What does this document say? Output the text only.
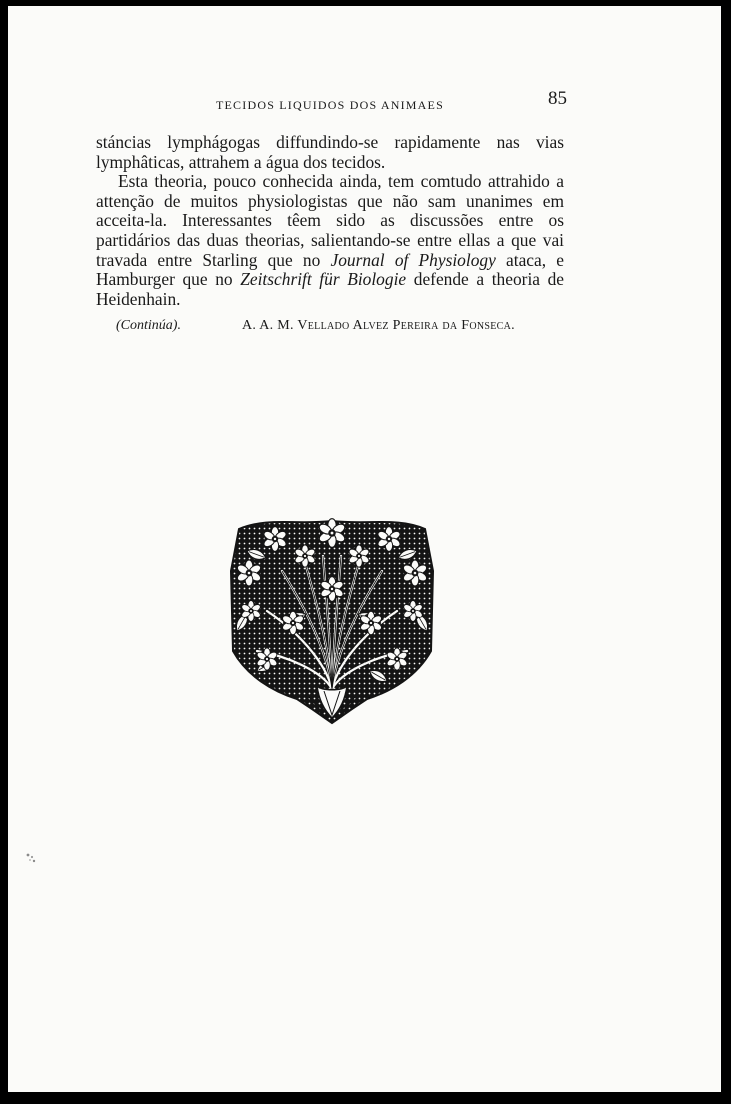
TECIDOS LIQUIDOS DOS ANIMAES	85

stáncias lymphágogas diffundindo-se rapidamente nas vias lymphâticas, attrahem a água dos tecidos.

Esta theoria, pouco conhecida ainda, tem comtudo attrahido a attenção de muitos physiologistas que não sam unanimes em acceita-la. Interessantes têem sido as discussões entre os partidários das duas theorias, salientando-se entre ellas a que vai travada entre Starling que no Journal of Physiology ataca, e Hamburger que no Zeitschrift für Biologie defende a theoria de Heidenhain.

(Continúa).	A. A. M. Vellado Alvez Pereira da Fonseca.
